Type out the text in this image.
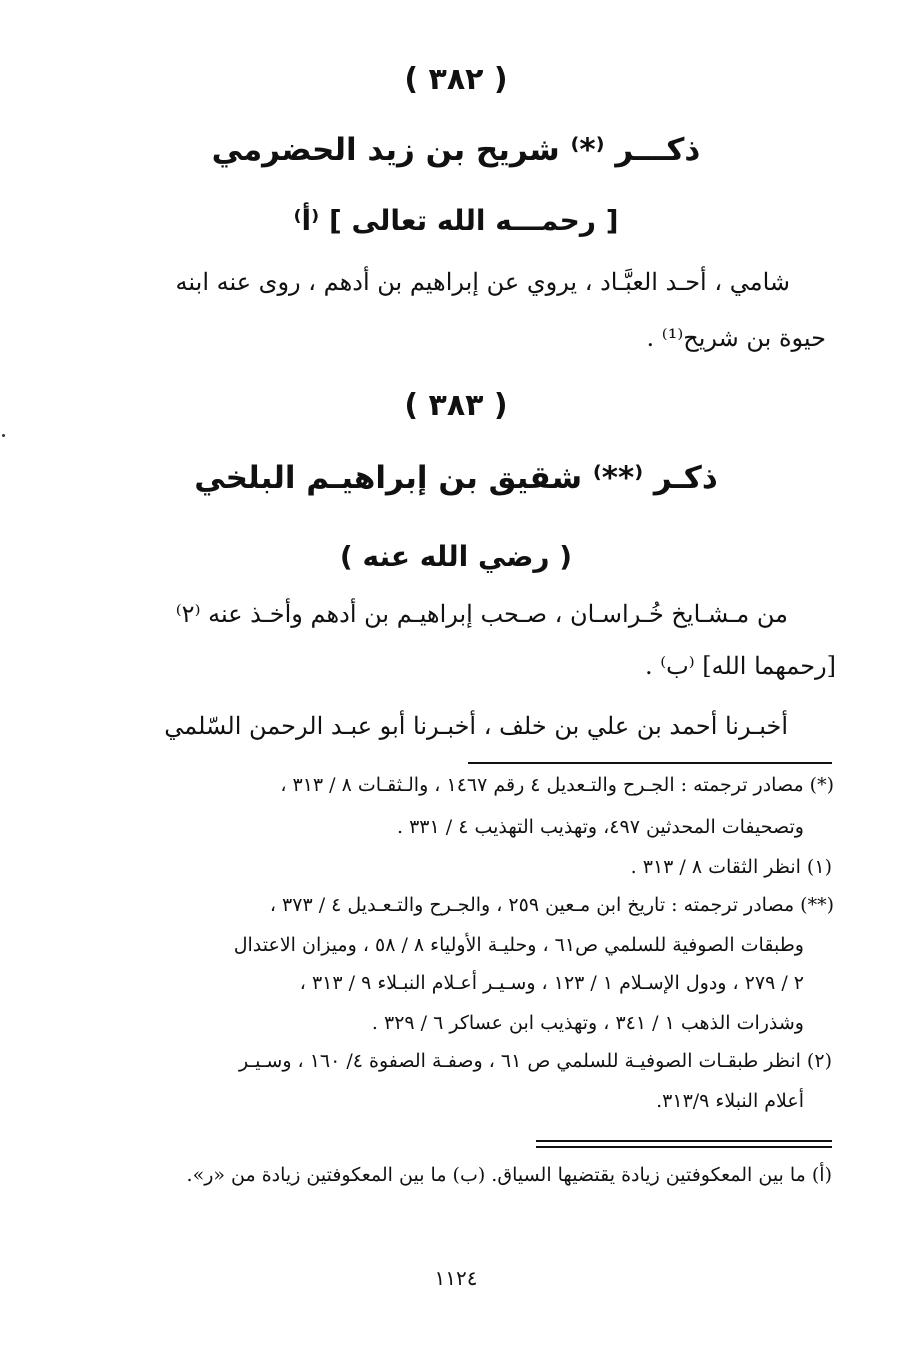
( ٣٨٢ )
ذكـــر ⁽*⁾ شريح بن زيد الحضرمي
[ رحمـــه الله تعالى ] ⁽أ⁾
شامي ، أحـد العبَّـاد ، يروي عن إبراهيم بن أدهم ، روى عنه ابنه
حيوة بن شريح⁽¹⁾ .
( ٣٨٣ )
ذكـر ⁽**⁾ شقيق بن إبراهيـم البلخي
( رضي الله عنه )
من مـشـايخ خُـراسـان ، صـحب إبراهيـم بن أدهم وأخـذ عنه ⁽٢⁾
[رحمهما الله] ⁽ب⁾ .
أخبـرنا أحمد بن علي بن خلف ، أخبـرنا أبو عبـد الرحمن السّلمي
(*) مصادر ترجمته : الجـرح والتـعديل ٤ رقم ١٤٦٧ ، والـثقـات ٨ / ٣١٣ ،
وتصحيفات المحدثين ٤٩٧، وتهذيب التهذيب ٤ / ٣٣١ .
(١) انظر الثقات ٨ / ٣١٣ .
(**) مصادر ترجمته : تاريخ ابن مـعين ٢٥٩ ، والجـرح والتـعـديل ٤ / ٣٧٣ ،
وطبقات الصوفية للسلمي ص٦١ ، وحليـة الأولياء ٨ / ٥٨ ، وميزان الاعتدال
٢ / ٢٧٩ ، ودول الإسـلام ١ / ١٢٣ ، وسـيـر أعـلام النبـلاء ٩ / ٣١٣ ،
وشذرات الذهب ١ / ٣٤١ ، وتهذيب ابن عساكر ٦ / ٣٢٩ .
(٢) انظر طبقـات الصوفيـة للسلمي ص ٦١ ، وصفـة الصفوة ٤/ ١٦٠ ، وسـيـر
أعلام النبلاء ٣١٣/٩.
(أ) ما بين المعكوفتين زيادة يقتضيها السياق. (ب) ما بين المعكوفتين زيادة من «ر».
١١٢٤
